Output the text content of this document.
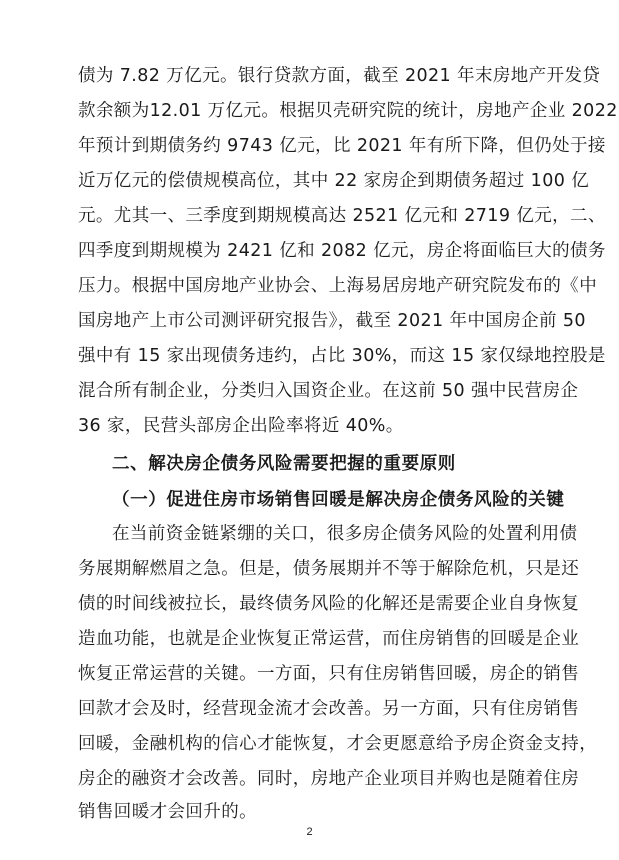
债为 7.82 万亿元。银行贷款方面，截至 2021 年末房地产开发贷
款余额为12.01 万亿元。根据贝壳研究院的统计，房地产企业 2022
年预计到期债务约 9743 亿元，比 2021 年有所下降，但仍处于接
近万亿元的偿债规模高位，其中 22 家房企到期债务超过 100 亿
元。尤其一、三季度到期规模高达 2521 亿元和 2719 亿元，二、
四季度到期规模为 2421 亿和 2082 亿元，房企将面临巨大的债务
压力。根据中国房地产业协会、上海易居房地产研究院发布的《中
国房地产上市公司测评研究报告》，截至 2021 年中国房企前 50
强中有 15 家出现债务违约，占比 30%，而这 15 家仅绿地控股是
混合所有制企业，分类归入国资企业。在这前 50 强中民营房企
36 家，民营头部房企出险率将近 40%。
二、解决房企债务风险需要把握的重要原则
（一）促进住房市场销售回暖是解决房企债务风险的关键
在当前资金链紧绷的关口，很多房企债务风险的处置利用债
务展期解燃眉之急。但是，债务展期并不等于解除危机，只是还
债的时间线被拉长，最终债务风险的化解还是需要企业自身恢复
造血功能，也就是企业恢复正常运营，而住房销售的回暖是企业
恢复正常运营的关键。一方面，只有住房销售回暖，房企的销售
回款才会及时，经营现金流才会改善。另一方面，只有住房销售
回暖，金融机构的信心才能恢复，才会更愿意给予房企资金支持，
房企的融资才会改善。同时，房地产企业项目并购也是随着住房
销售回暖才会回升的。
2
